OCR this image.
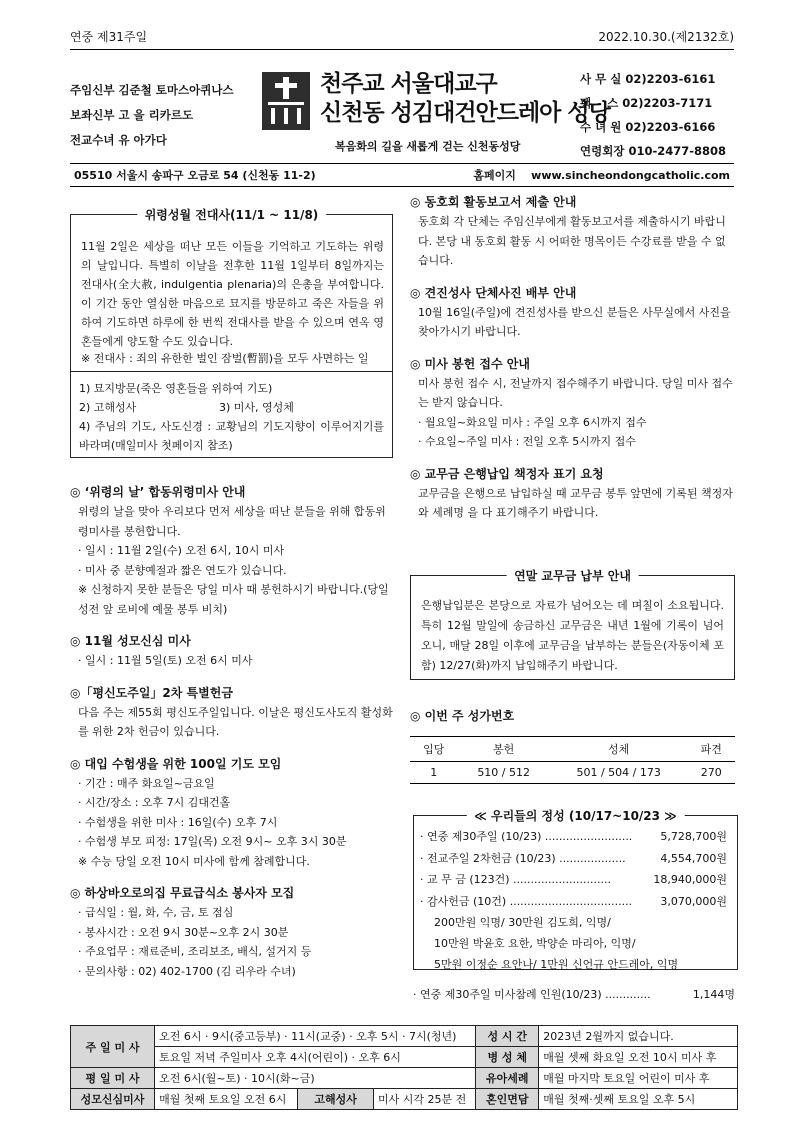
연중 제31주일	2022.10.30.(제2132호)
주임신부 김준철 토마스아퀴나스
보좌신부 고 을 리카르도
전교수녀 유 아가다
천주교 서울대교구
신천동 성김대건안드레아 성당
복음화의 길을 새롭게 걷는 신천동성당
사 무 실 02)2203-6161
팩    스 02)2203-7171
수 녀 원 02)2203-6166
연령회장 010-2477-8808
05510 서울시 송파구 오금로 54 (신천동 11-2)	홈페이지    www.sincheondongcatholic.com
위령성월 전대사(11/1 ~ 11/8)
11월 2일은 세상을 떠난 모든 이들을 기억하고 기도하는 위령의 날입니다. 특별히 이날을 전후한 11월 1일부터 8일까지는 전대사(全大赦, indulgentia plenaria)의 은총을 부여합니다. 이 기간 동안 열심한 마음으로 묘지를 방문하고 죽은 자들을 위하여 기도하면 하루에 한 번씩 전대사를 받을 수 있으며 연옥 영혼들에게 양도할 수도 있습니다.
※ 전대사 : 죄의 유한한 벌인 잠벌(暫罰)을 모두 사면하는 일
1) 묘지방문(죽은 영혼들을 위하여 기도)
2) 고해성사	3) 미사, 영성체
4) 주님의 기도, 사도신경 : 교황님의 기도지향이 이루어지기를 바라며(매일미사 첫페이지 참조)
◎ ‘위령의 날’ 합동위령미사 안내
위령의 날을 맞아 우리보다 먼저 세상을 떠난 분들을 위해 합동위령미사를 봉헌합니다.
· 일시 : 11월 2일(수) 오전 6시, 10시 미사
· 미사 중 분향예절과 짧은 연도가 있습니다.
※ 신청하지 못한 분들은 당일 미사 때 봉헌하시기 바랍니다.(당일 성전 앞 로비에 예물 봉투 비치)
◎ 11월 성모신심 미사
· 일시 : 11월 5일(토) 오전 6시 미사
◎「평신도주일」2차 특별헌금
다음 주는 제55회 평신도주일입니다. 이날은 평신도사도직 활성화를 위한 2차 헌금이 있습니다.
◎ 대입 수험생을 위한 100일 기도 모임
· 기간 : 매주 화요일~금요일
· 시간/장소 : 오후 7시 김대건홀
· 수험생을 위한 미사 : 16일(수) 오후 7시
· 수험생 부모 피정: 17일(목) 오전 9시~ 오후 3시 30분
※ 수능 당일 오전 10시 미사에 함께 참례합니다.
◎ 하상바오로의집 무료급식소 봉사자 모집
· 급식일 : 월, 화, 수, 금, 토 점심
· 봉사시간 : 오전 9시 30분~오후 2시 30분
· 주요업무 : 재료준비, 조리보조, 배식, 설거지 등
· 문의사항 : 02) 402-1700 (김 리우라 수녀)
◎ 동호회 활동보고서 제출 안내
동호회 각 단체는 주임신부에게 활동보고서를 제출하시기 바랍니다. 본당 내 동호회 활동 시 어떠한 명목이든 수강료를 받을 수 없습니다.
◎ 견진성사 단체사진 배부 안내
10월 16일(주일)에 견진성사를 받으신 분들은 사무실에서 사진을 찾아가시기 바랍니다.
◎ 미사 봉헌 접수 안내
미사 봉헌 접수 시, 전날까지 접수해주기 바랍니다. 당일 미사 접수는 받지 않습니다.
· 월요일~화요일 미사 : 주일 오후 6시까지 접수
· 수요일~주일 미사 : 전일 오후 5시까지 접수
◎ 교무금 은행납입 책정자 표기 요청
교무금을 은행으로 납입하실 때 교무금 봉투 앞면에 기록된 책정자와 세례명 을 다 표기해주기 바랍니다.
연말 교무금 납부 안내
은행납입분은 본당으로 자료가 넘어오는 데 며칠이 소요됩니다. 특히 12월 말일에 송금하신 교무금은 내년 1월에 기록이 넘어오니, 매달 28일 이후에 교무금을 납부하는 분들은(자동이체 포함) 12/27(화)까지 납입해주기 바랍니다.
◎ 이번 주 성가번호
입당	봉헌	성체	파견
1	510 / 512	501 / 504 / 173	270
≪ 우리들의 정성 (10/17~10/23 ≫
· 연중 제30주일 (10/23) .........................	5,728,700원
· 전교주일 2차헌금 (10/23) ...................	4,554,700원
· 교 무 금 (123건) ............................	18,940,000원
· 감사헌금 (10건) ...................................	3,070,000원
200만원 익명/ 30만원 김도희, 익명/
10만원 박윤호 요한, 박양순 마리아, 익명/
5만원 이정순 요안나/ 1만원 신언규 안드레아, 익명
· 연중 제30주일 미사참례 인원(10/23) .............	1,144명
주 일 미 사	오전 6시 · 9시(중고등부) · 11시(교중) · 오후 5시 · 7시(청년)			성 시 간	2023년 2월까지 없습니다.
	토요일 저녁 주일미사 오후 4시(어린이) · 오후 6시			병 성 체	매월 셋째 화요일 오전 10시 미사 후
평 일 미 사	오전 6시(월~토) · 10시(화~금)			유아세례	매월 마지막 토요일 어린이 미사 후
성모신심미사	매월 첫째 토요일 오전 6시	고해성사	미사 시각 25분 전	혼인면담	매월 첫째·셋째 토요일 오후 5시
